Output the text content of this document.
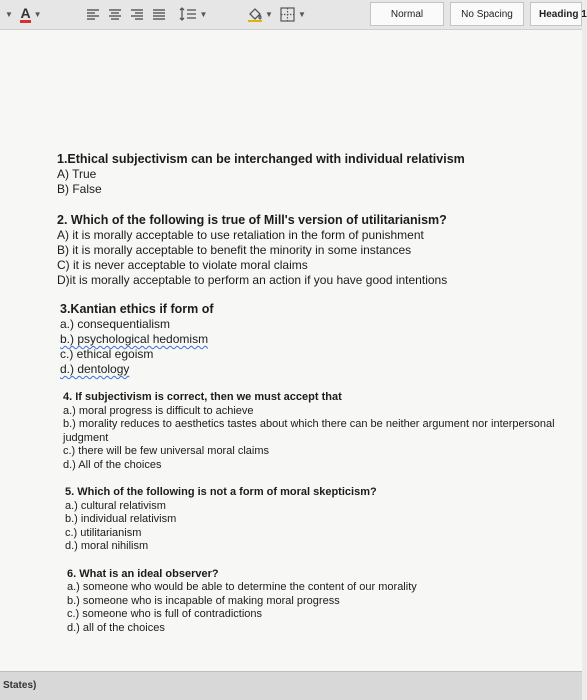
▼ A ▼	▼	▼	▼	Normal	No Spacing	Heading 1
1.Ethical subjectivism can be interchanged with individual relativism
A) True
B) False
2. Which of the following is true of Mill's version of utilitarianism?
A) it is morally acceptable to use retaliation in the form of punishment
B) it is morally acceptable to benefit the minority in some instances
C) it is never acceptable to violate moral claims
D)it is morally acceptable to perform an action if you have good intentions
3.Kantian ethics if form of
a.) consequentialism
b.) psychological hedomism
c.) ethical egoism
d.) dentology
4. If subjectivism is correct, then we must accept that
a.) moral progress is difficult to achieve
b.) morality reduces to aesthetics tastes about which there can be neither argument nor interpersonal judgment
c.) there will be few universal moral claims
d.) All of the choices
5. Which of the following is not a form of moral skepticism?
a.) cultural relativism
b.) individual relativism
c.) utilitarianism
d.) moral nihilism
6. What is an ideal observer?
a.) someone who would be able to determine the content of our morality
b.) someone who is incapable of making moral progress
c.) someone who is full of contradictions
d.) all of the choices
States)
